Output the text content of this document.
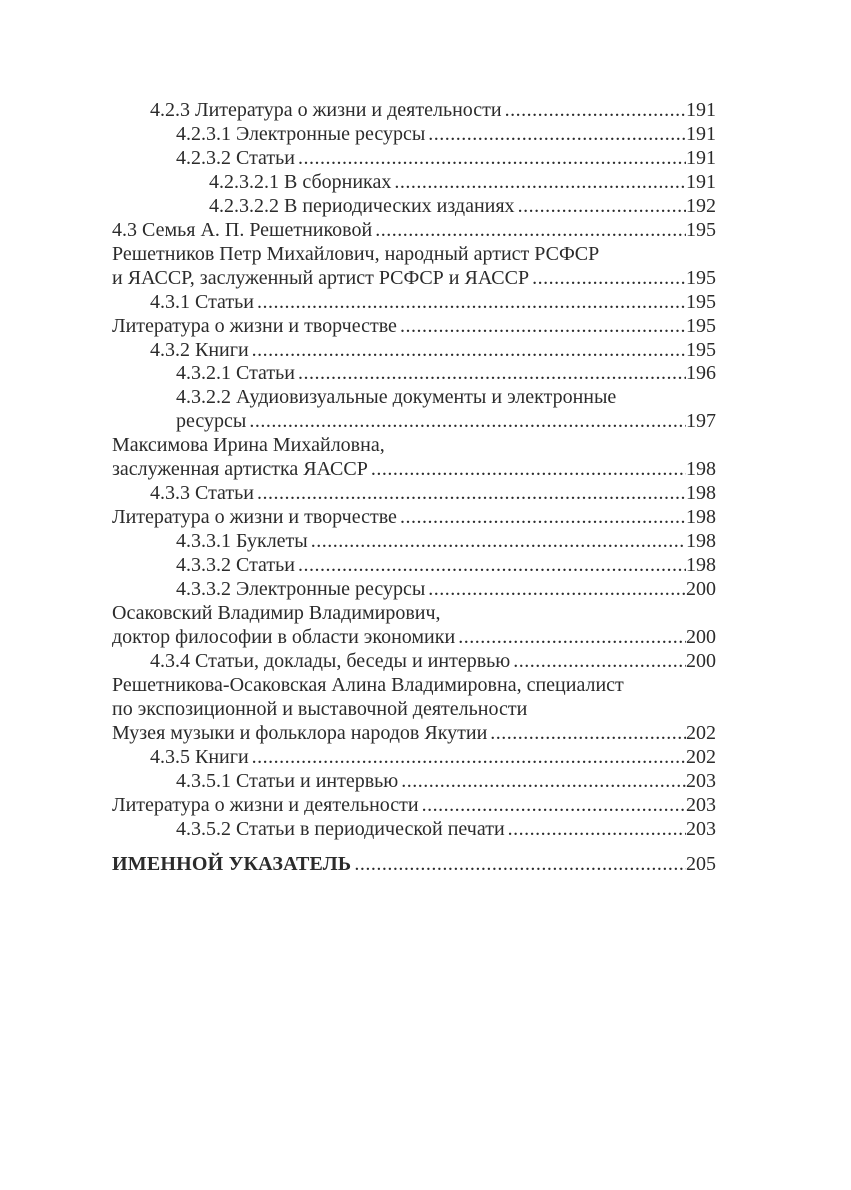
4.2.3 Литература о жизни и деятельности .....	191
4.2.3.1 Электронные ресурсы .....	191
4.2.3.2 Статьи .....	191
4.2.3.2.1 В сборниках .....	191
4.2.3.2.2 В периодических изданиях .....	192
4.3 Семья А. П. Решетниковой .....	195
Решетников Петр Михайлович, народный артист РСФСР
и ЯАССР, заслуженный артист РСФСР и ЯАССР .....	195
4.3.1 Статьи .....	195
Литература о жизни и творчестве .....	195
4.3.2 Книги .....	195
4.3.2.1 Статьи .....	196
4.3.2.2 Аудиовизуальные документы и электронные
ресурсы .....	197
Максимова Ирина Михайловна,
заслуженная артистка ЯАССР .....	198
4.3.3 Статьи .....	198
Литература о жизни и творчестве .....	198
4.3.3.1 Буклеты .....	198
4.3.3.2 Статьи .....	198
4.3.3.2 Электронные ресурсы .....	200
Осаковский Владимир Владимирович,
доктор философии в области экономики .....	200
4.3.4 Статьи, доклады, беседы и интервью .....	200
Решетникова-Осаковская Алина Владимировна, специалист
по экспозиционной и выставочной деятельности
Музея музыки и фольклора народов Якутии .....	202
4.3.5 Книги .....	202
4.3.5.1 Статьи и интервью .....	203
Литература о жизни и деятельности .....	203
4.3.5.2 Статьи в периодической печати .....	203
ИМЕННОЙ УКАЗАТЕЛЬ .....	205
